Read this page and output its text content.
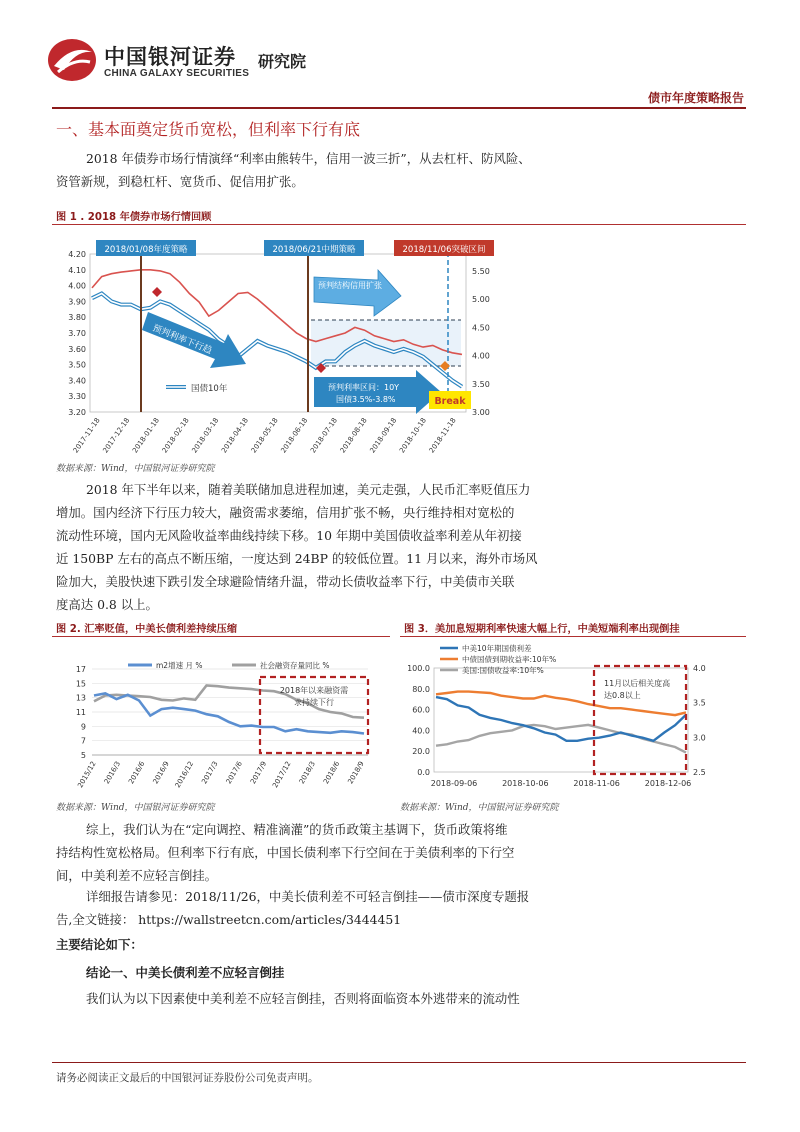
中国银河证券
CHINA GALAXY SECURITIES
研究院
债市年度策略报告
一、基本面奠定货币宽松，但利率下行有底
2018 年债券市场行情演绎“利率由熊转牛，信用一波三折”，从去杠杆、防风险、
资管新规，到稳杠杆、宽货币、促信用扩张。
图 1 . 2018 年债券市场行情回顾
4.20
4.10
4.00
3.90
3.80
3.70
3.60
3.50
3.40
3.30
3.20
5.50
5.00
4.50
4.00
3.50
3.00
2017-11-18 2017-12-18 2018-01-18 2018-02-18 2018-03-18 2018-04-18 2018-05-18 2018-06-18 2018-07-18 2018-08-18 2018-09-18 2018-10-18 2018-11-18
2018/01/08年度策略	2018/06/21中期策略	2018/11/06突破区间
预判结构信用扩张
预判利率下行趋
预判利率区间：10Y
国债3.5%-3.8%	Break
国债10年
数据来源：Wind，中国银河证券研究院
2018 年下半年以来，随着美联储加息进程加速，美元走强，人民币汇率贬值压力
增加。国内经济下行压力较大，融资需求萎缩，信用扩张不畅，央行维持相对宽松的
流动性环境，国内无风险收益率曲线持续下移。10 年期中美国债收益率利差从年初接
近 150BP 左右的高点不断压缩，一度达到 24BP 的较低位置。11 月以来，海外市场风
险加大，美股快速下跌引发全球避险情绪升温，带动长债收益率下行，中美债市关联
度高达 0.8 以上。
图 2. 汇率贬值，中美长债利差持续压缩
17
15
13
11
9
7
5
2015/12 2016/3 2016/6 2016/9 2016/12 2017/3 2017/6 2017/9 2017/12 2018/3 2018/6 2018/9
m2增速 月 %	社会融资存量同比 %
2018年以来融资需
求持续下行
数据来源：Wind，中国银河证券研究院
图 3．美加息短期利率快速大幅上行，中美短端利率出现倒挂
100.0
80.0
60.0
40.0
20.0
0.0
4.0
3.5
3.0
2.5
2018-09-06	2018-10-06	2018-11-06	2018-12-06
中美10年期国债利差
中债国债到期收益率:10年%
美国:国债收益率:10年%
11月以后相关度高
达0.8以上
数据来源：Wind，中国银河证券研究院
综上，我们认为在“定向调控、精准滴灌”的货币政策主基调下，货币政策将维
持结构性宽松格局。但利率下行有底，中国长债利率下行空间在于美债利率的下行空
间，中美利差不应轻言倒挂。
详细报告请参见：2018/11/26，中美长债利差不可轻言倒挂——债市深度专题报
告,全文链接： https://wallstreetcn.com/articles/3444451
主要结论如下：
结论一、中美长债利差不应轻言倒挂
我们认为以下因素使中美利差不应轻言倒挂，否则将面临资本外逃带来的流动性
请务必阅读正文最后的中国银河证券股份公司免责声明。
